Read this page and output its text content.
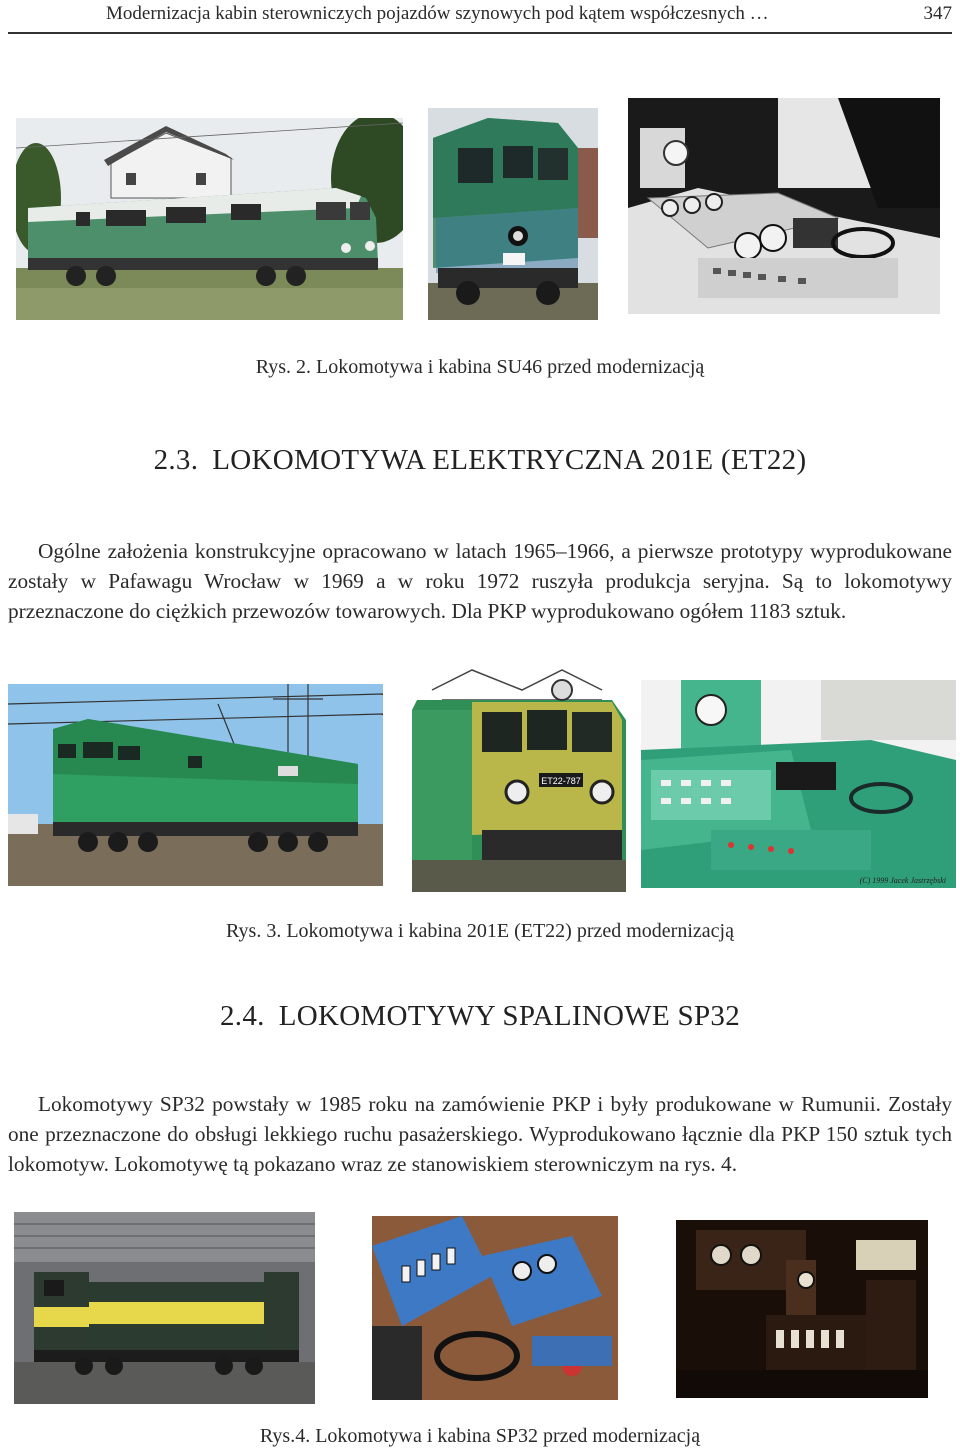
Modernizacja kabin sterowniczych pojazdów szynowych pod kątem współczesnych …	347
Rys. 2. Lokomotywa i kabina SU46 przed modernizacją
2.3. LOKOMOTYWA ELEKTRYCZNA 201E (ET22)

Ogólne założenia konstrukcyjne opracowano w latach 1965–1966, a pierwsze prototypy wyprodukowane zostały w Pafawagu Wrocław w 1969 a w roku 1972 ruszyła produkcja seryjna. Są to lokomotywy przeznaczone do ciężkich przewozów towarowych. Dla PKP wyprodukowano ogółem 1183 sztuk.

ET22-787
(C) 1999 Jacek Jastrzębski
Rys. 3. Lokomotywa i kabina 201E (ET22) przed modernizacją
2.4. LOKOMOTYWY SPALINOWE SP32

Lokomotywy SP32 powstały w 1985 roku na zamówienie PKP i były produkowane w Rumunii. Zostały one przeznaczone do obsługi lekkiego ruchu pasażerskiego. Wyprodukowano łącznie dla PKP 150 sztuk tych lokomotyw. Lokomotywę tą pokazano wraz ze stanowiskiem sterowniczym na rys. 4.

Rys.4. Lokomotywa i kabina SP32 przed modernizacją
